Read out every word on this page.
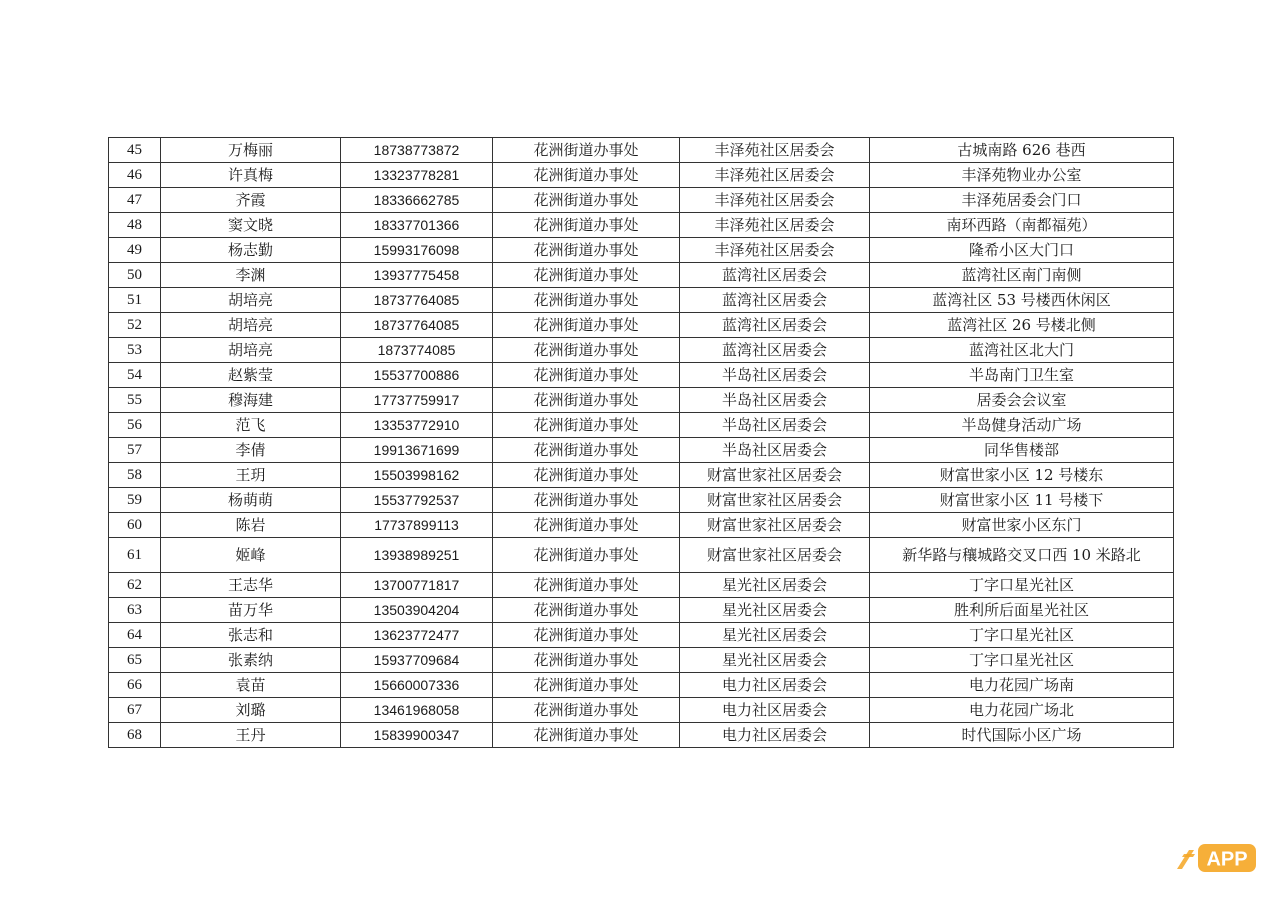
45	万梅丽	18738773872	花洲街道办事处	丰泽苑社区居委会	古城南路 626 巷西
46	许真梅	13323778281	花洲街道办事处	丰泽苑社区居委会	丰泽苑物业办公室
47	齐霞	18336662785	花洲街道办事处	丰泽苑社区居委会	丰泽苑居委会门口
48	窦文晓	18337701366	花洲街道办事处	丰泽苑社区居委会	南环西路（南都福苑）
49	杨志勤	15993176098	花洲街道办事处	丰泽苑社区居委会	隆希小区大门口
50	李渊	13937775458	花洲街道办事处	蓝湾社区居委会	蓝湾社区南门南侧
51	胡培亮	18737764085	花洲街道办事处	蓝湾社区居委会	蓝湾社区 53 号楼西休闲区
52	胡培亮	18737764085	花洲街道办事处	蓝湾社区居委会	蓝湾社区 26 号楼北侧
53	胡培亮	1873774085	花洲街道办事处	蓝湾社区居委会	蓝湾社区北大门
54	赵紫莹	15537700886	花洲街道办事处	半岛社区居委会	半岛南门卫生室
55	穆海建	17737759917	花洲街道办事处	半岛社区居委会	居委会会议室
56	范飞	13353772910	花洲街道办事处	半岛社区居委会	半岛健身活动广场
57	李倩	19913671699	花洲街道办事处	半岛社区居委会	同华售楼部
58	王玥	15503998162	花洲街道办事处	财富世家社区居委会	财富世家小区 12 号楼东
59	杨萌萌	15537792537	花洲街道办事处	财富世家社区居委会	财富世家小区 11 号楼下
60	陈岩	17737899113	花洲街道办事处	财富世家社区居委会	财富世家小区东门
61	姬峰	13938989251	花洲街道办事处	财富世家社区居委会	新华路与穰城路交叉口西 10 米路北
62	王志华	13700771817	花洲街道办事处	星光社区居委会	丁字口星光社区
63	苗万华	13503904204	花洲街道办事处	星光社区居委会	胜利所后面星光社区
64	张志和	13623772477	花洲街道办事处	星光社区居委会	丁字口星光社区
65	张素纳	15937709684	花洲街道办事处	星光社区居委会	丁字口星光社区
66	袁苗	15660007336	花洲街道办事处	电力社区居委会	电力花园广场南
67	刘璐	13461968058	花洲街道办事处	电力社区居委会	电力花园广场北
68	王丹	15839900347	花洲街道办事处	电力社区居委会	时代国际小区广场
APP
